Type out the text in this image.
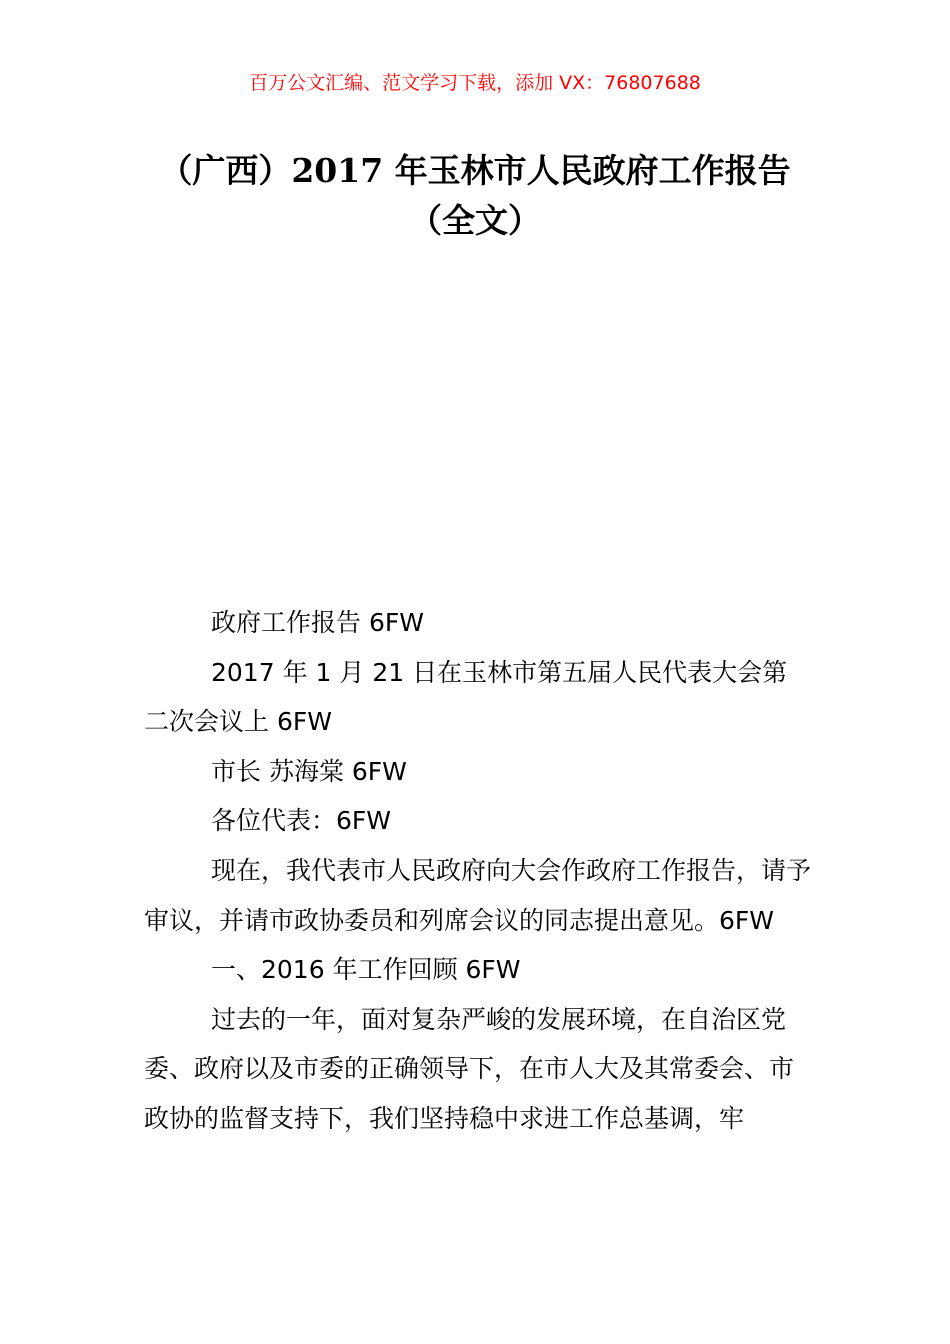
百万公文汇编、范文学习下载，添加 VX：76807688
（广西）2017 年玉林市人民政府工作报告
（全文）

政府工作报告 6FW

2017 年 1 月 21 日在玉林市第五届人民代表大会第二次会议上 6FW

市长 苏海棠 6FW

各位代表：6FW

现在，我代表市人民政府向大会作政府工作报告，请予审议，并请市政协委员和列席会议的同志提出意见。6FW

一、2016 年工作回顾 6FW

过去的一年，面对复杂严峻的发展环境，在自治区党委、政府以及市委的正确领导下，在市人大及其常委会、市政协的监督支持下，我们坚持稳中求进工作总基调，牢
